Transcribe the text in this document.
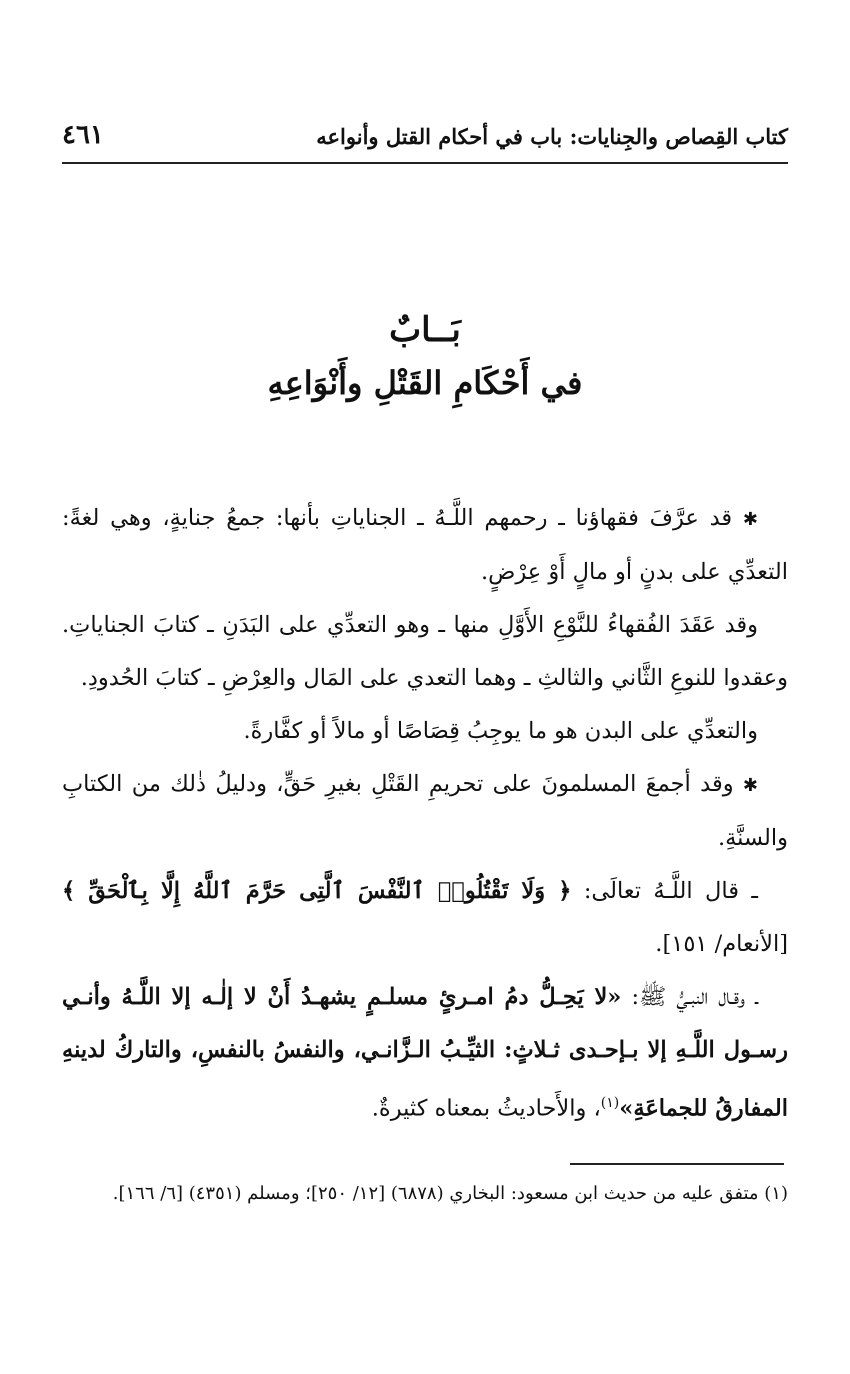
كتاب القِصاص والجِنايات: باب في أحكام القتل وأنواعه
٤٦١
بَــابٌ
في أَحْكَامِ القَتْلِ وأَنْوَاعِهِ

✱ قد عرَّفَ فقهاؤنا ـ رحمهم اللَّـهُ ـ الجناياتِ بأنها: جمعُ جنايةٍ، وهي لغةً: التعدِّي على بدنٍ أو مالٍ أَوْ عِرْضٍ.

وقد عَقَدَ الفُقهاءُ للنَّوْعِ الأَوَّلِ منها ـ وهو التعدِّي على البَدَنِ ـ كتابَ الجناياتِ. وعقدوا للنوعِ الثَّاني والثالثِ ـ وهما التعدي على المَال والعِرْضِ ـ كتابَ الحُدودِ.

والتعدِّي على البدن هو ما يوجِبُ قِصَاصًا أو مالاً أو كفَّارةً.

✱ وقد أجمعَ المسلمونَ على تحريمِ القَتْلِ بغيرِ حَقٍّ، ودليلُ ذٰلك من الكتابِ والسنَّةِ.

ـ قال اللَّـهُ تعالَى: ﴿ وَلَا تَقْتُلُوا۟ ٱلنَّفْسَ ٱلَّتِى حَرَّمَ ٱللَّهُ إِلَّا بِٱلْحَقِّ ﴾ [الأنعام/ ١٥١].

ـ وقـال النبـيُّ ﷺ: «لا يَحِـلُّ دمُ امـرئٍ مسلـمٍ يشهـدُ أَنْ لا إلٰـه إلا اللَّـهُ وأنـي رسـول اللَّـهِ إلا بـإحـدى ثـلاثٍ: الثيِّـبُ الـزَّانـي، والنفسُ بالنفسِ، والتاركُ لدينهِ المفارقُ للجماعَةِ»$^{(١)}$، والأَحاديثُ بمعناه كثيرةٌ.

(١) متفق عليه من حديث ابن مسعود: البخاري (٦٨٧٨) [١٢/ ٢٥٠]؛ ومسلم (٤٣٥١) [٦/ ١٦٦].
